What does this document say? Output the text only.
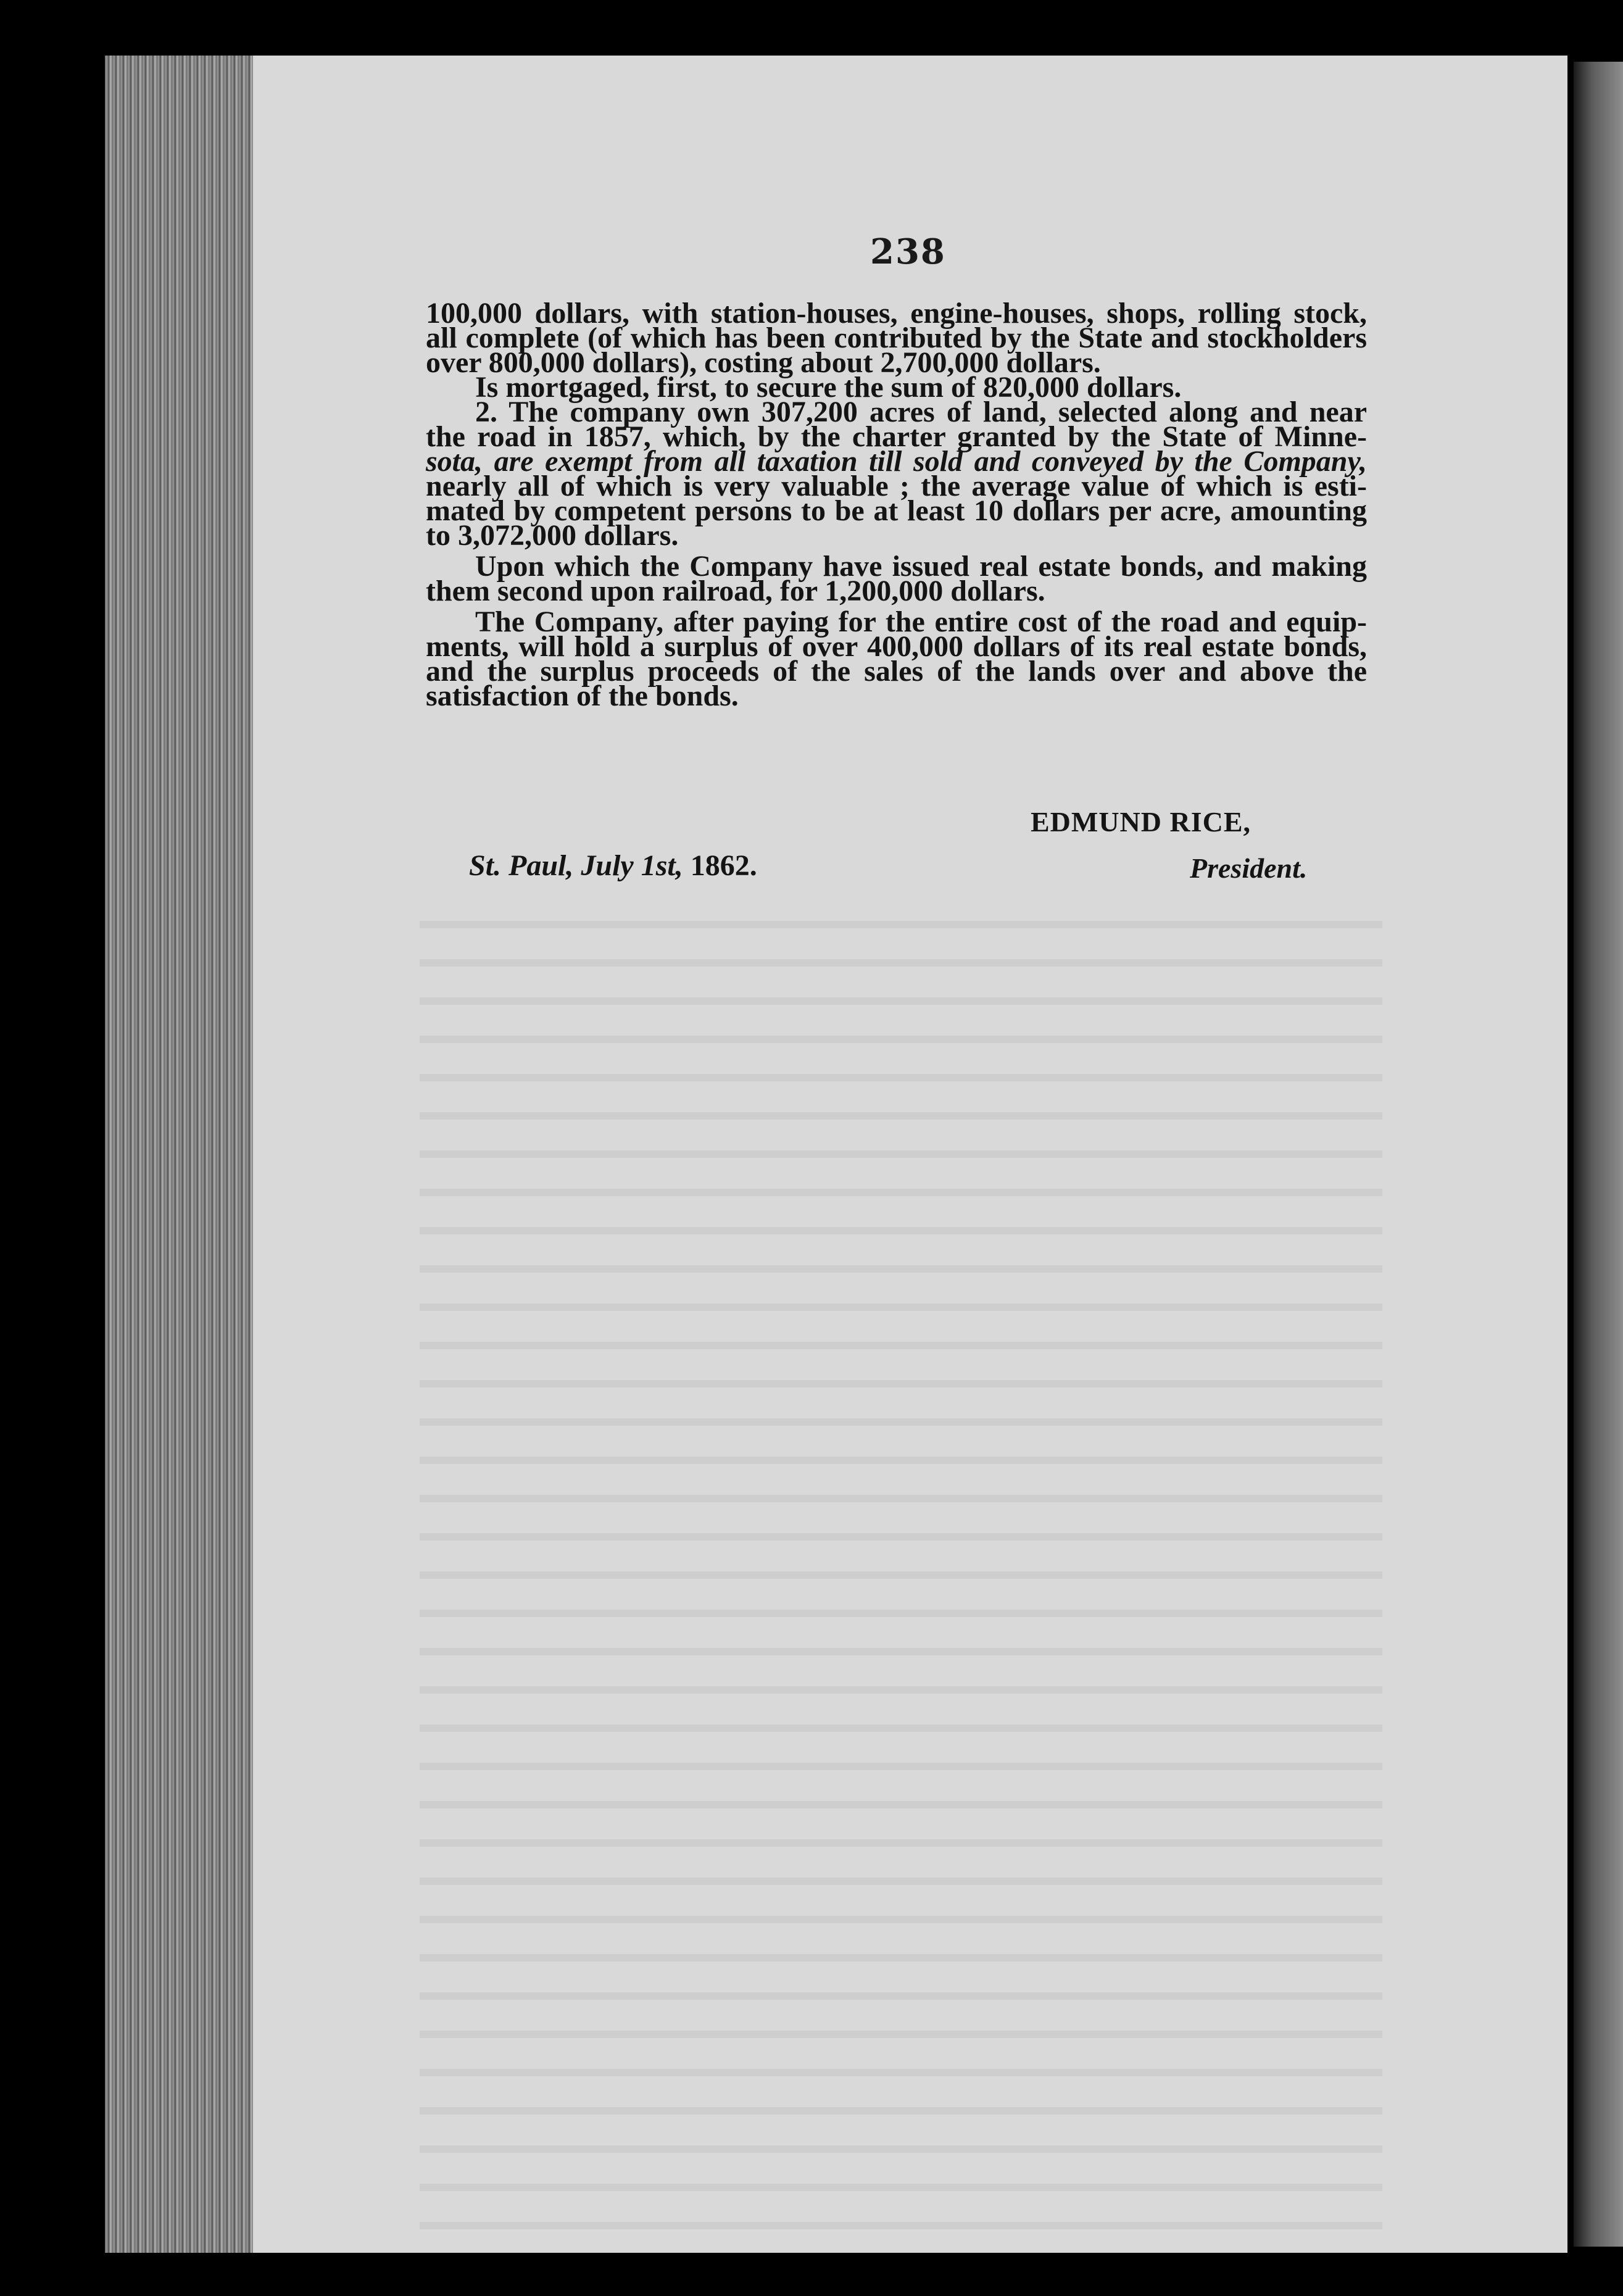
238

100,000 dollars, with station-houses, engine-houses, shops, rolling stock,
all complete (of which has been contributed by the State and stockholders
over 800,000 dollars), costing about 2,700,000 dollars.

Is mortgaged, first, to secure the sum of 820,000 dollars.

2. The company own 307,200 acres of land, selected along and near
the road in 1857, which, by the charter granted by the State of Minne-
sota, are exempt from all taxation till sold and conveyed by the Company,
nearly all of which is very valuable ; the average value of which is esti-
mated by competent persons to be at least 10 dollars per acre, amounting
to 3,072,000 dollars.

Upon which the Company have issued real estate bonds, and making
them second upon railroad, for 1,200,000 dollars.

The Company, after paying for the entire cost of the road and equip-
ments, will hold a surplus of over 400,000 dollars of its real estate bonds,
and the surplus proceeds of the sales of the lands over and above the
satisfaction of the bonds.

EDMUND RICE,
St. Paul, July 1st, 1862.	President.
